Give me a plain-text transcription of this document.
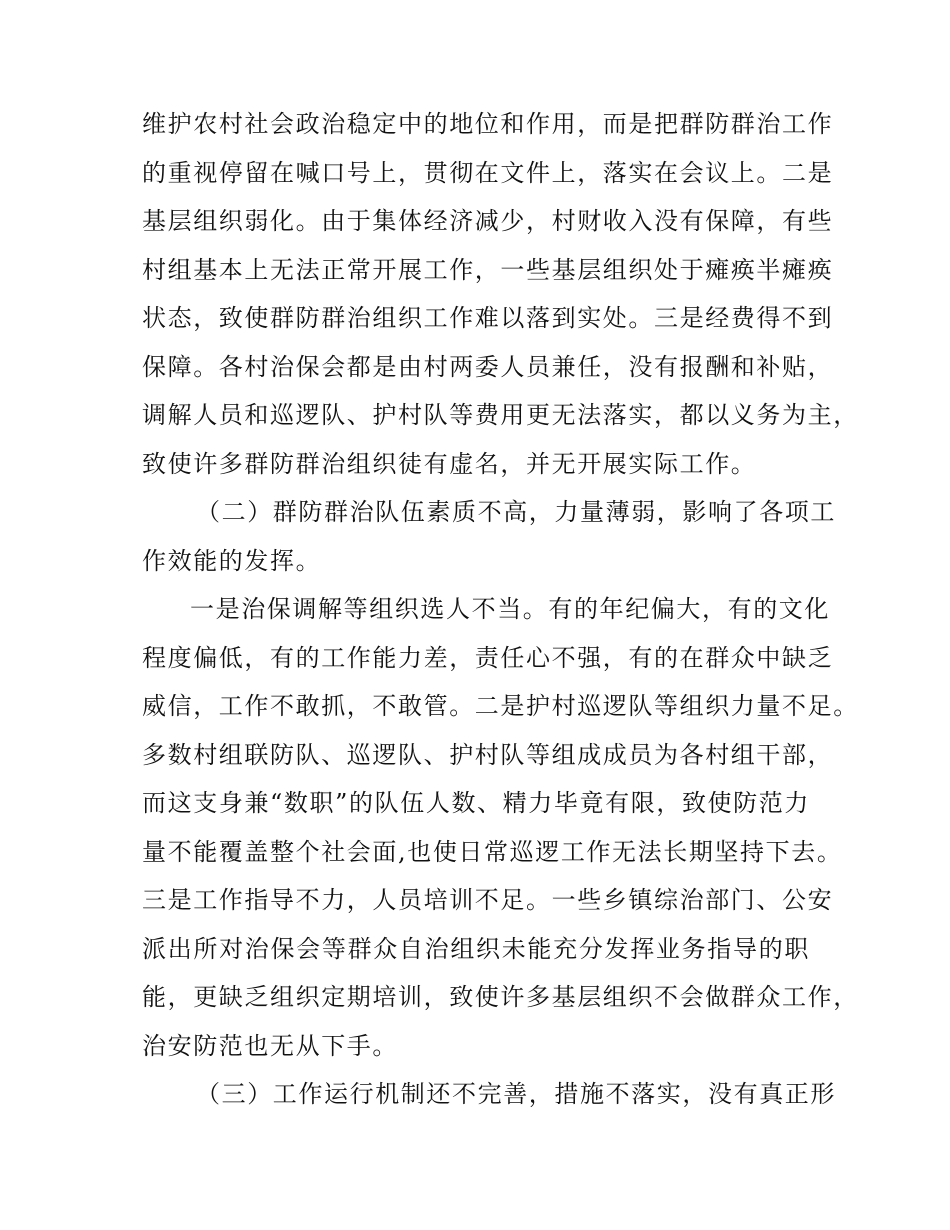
维护农村社会政治稳定中的地位和作用，而是把群防群治工作
的重视停留在喊口号上，贯彻在文件上，落实在会议上。二是
基层组织弱化。由于集体经济减少，村财收入没有保障，有些
村组基本上无法正常开展工作，一些基层组织处于瘫痪半瘫痪
状态，致使群防群治组织工作难以落到实处。三是经费得不到
保障。各村治保会都是由村两委人员兼任，没有报酬和补贴，
调解人员和巡逻队、护村队等费用更无法落实，都以义务为主，
致使许多群防群治组织徒有虚名，并无开展实际工作。

（二）群防群治队伍素质不高，力量薄弱，影响了各项工
作效能的发挥。

一是治保调解等组织选人不当。有的年纪偏大，有的文化
程度偏低，有的工作能力差，责任心不强，有的在群众中缺乏
威信，工作不敢抓，不敢管。二是护村巡逻队等组织力量不足。
多数村组联防队、巡逻队、护村队等组成成员为各村组干部，
而这支身兼“数职”的队伍人数、精力毕竟有限，致使防范力
量不能覆盖整个社会面,也使日常巡逻工作无法长期坚持下去。
三是工作指导不力，人员培训不足。一些乡镇综治部门、公安
派出所对治保会等群众自治组织未能充分发挥业务指导的职
能，更缺乏组织定期培训，致使许多基层组织不会做群众工作，
治安防范也无从下手。

（三）工作运行机制还不完善，措施不落实，没有真正形
